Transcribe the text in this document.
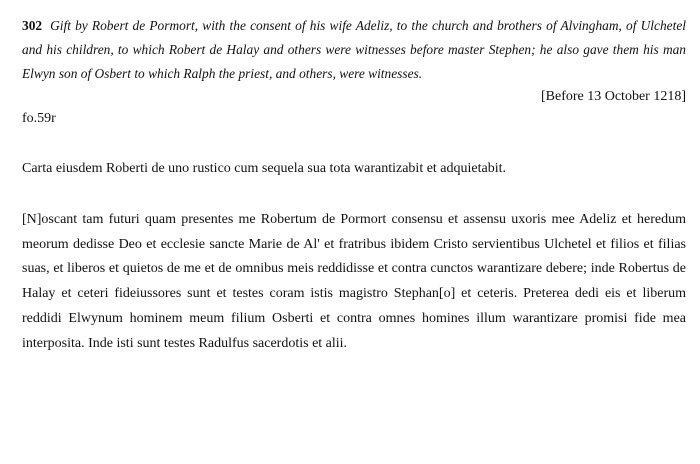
302 Gift by Robert de Pormort, with the consent of his wife Adeliz, to the church and brothers of Alvingham, of Ulchetel and his children, to which Robert de Halay and others were witnesses before master Stephen; he also gave them his man Elwyn son of Osbert to which Ralph the priest, and others, were witnesses.

[Before 13 October 1218]

fo.59r

Carta eiusdem Roberti de uno rustico cum sequela sua tota warantizabit et adquietabit.

[N]oscant tam futuri quam presentes me Robertum de Pormort consensu et assensu uxoris mee Adeliz et heredum meorum dedisse Deo et ecclesie sancte Marie de Al' et fratribus ibidem Cristo servientibus Ulchetel et filios et filias suas, et liberos et quietos de me et de omnibus meis reddidisse et contra cunctos warantizare debere; inde Robertus de Halay et ceteri fideiussores sunt et testes coram istis magistro Stephan[o] et ceteris. Preterea dedi eis et liberum reddidi Elwynum hominem meum filium Osberti et contra omnes homines illum warantizare promisi fide mea interposita. Inde isti sunt testes Radulfus sacerdotis et alii.
